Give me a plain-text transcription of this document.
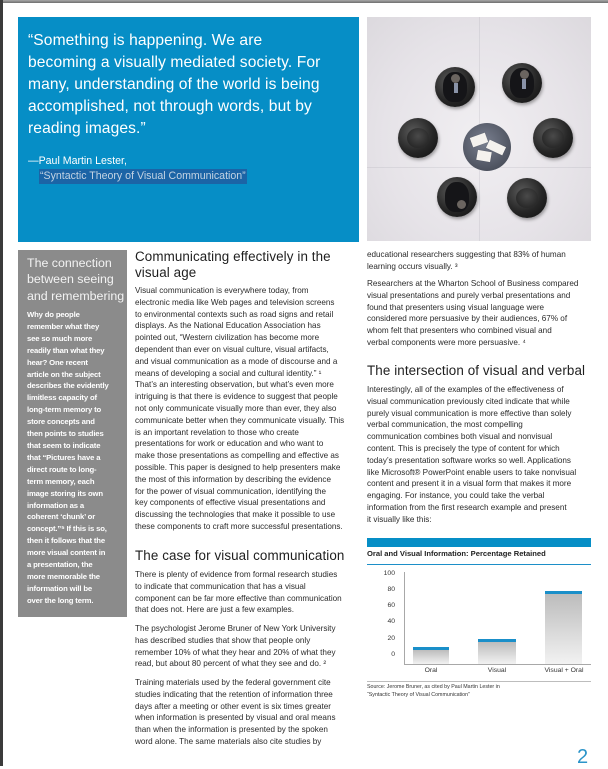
“Something is happening. We are
becoming a visually mediated society. For
many, understanding of the world is being
accomplished, not through words, but by
reading images.”
—Paul Martin Lester,
“Syntactic Theory of Visual Communication”
The connection
between seeing
and remembering
Why do people
remember what they
see so much more
readily than what they
hear? One recent
article on the subject
describes the evidently
limitless capacity of
long-term memory to
store concepts and
then points to studies
that seem to indicate
that “Pictures have a
direct route to long-
term memory, each
image storing its own
information as a
coherent ‘chunk’ or
concept.”⁵ If this is so,
then it follows that the
more visual content in
a presentation, the
more memorable the
information will be
over the long term.
Communicating effectively in the
visual age
Visual communication is everywhere today, from
electronic media like Web pages and television screens
to environmental contexts such as road signs and retail
displays. As the National Education Association has
pointed out, “Western civilization has become more
dependent than ever on visual culture, visual artifacts,
and visual communication as a mode of discourse and a
means of developing a social and cultural identity.” ¹
That’s an interesting observation, but what’s even more
intriguing is that there is evidence to suggest that people
not only communicate visually more than ever, they also
communicate better when they communicate visually. This
is an important revelation to those who create
presentations for work or education and who want to
make those presentations as compelling and effective as
possible. This paper is designed to help presenters make
the most of this information by describing the evidence
for the power of visual communication, identifying the
key components of effective visual presentations and
discussing the technologies that make it possible to use
these components to craft more successful presentations.
The case for visual communication
There is plenty of evidence from formal research studies
to indicate that communication that has a visual
component can be far more effective than communication
that does not. Here are just a few examples.
The psychologist Jerome Bruner of New York University
has described studies that show that people only
remember 10% of what they hear and 20% of what they
read, but about 80 percent of what they see and do. ²
Training materials used by the federal government cite
studies indicating that the retention of information three
days after a meeting or other event is six times greater
when information is presented by visual and oral means
than when the information is presented by the spoken
word alone. The same materials also cite studies by
educational researchers suggesting that 83% of human
learning occurs visually. ³
Researchers at the Wharton School of Business compared
visual presentations and purely verbal presentations and
found that presenters using visual language were
considered more persuasive by their audiences, 67% of
whom felt that presenters who combined visual and
verbal components were more persuasive. ⁴
The intersection of visual and verbal
Interestingly, all of the examples of the effectiveness of
visual communication previously cited indicate that while
purely visual communication is more effective than solely
verbal communication, the most compelling
communication combines both visual and nonvisual
content. This is precisely the type of content for which
today’s presentation software works so well. Applications
like Microsoft® PowerPoint enable users to take nonvisual
content and present it in a visual form that makes it more
engaging. For instance, you could take the verbal
information from the first research example and present
it visually like this:
Oral and Visual Information: Percentage Retained
100
80
60
40
20
0
Oral	Visual	Visual + Oral
Source: Jerome Bruner, as cited by Paul Martin Lester in
“Syntactic Theory of Visual Communication”
2
